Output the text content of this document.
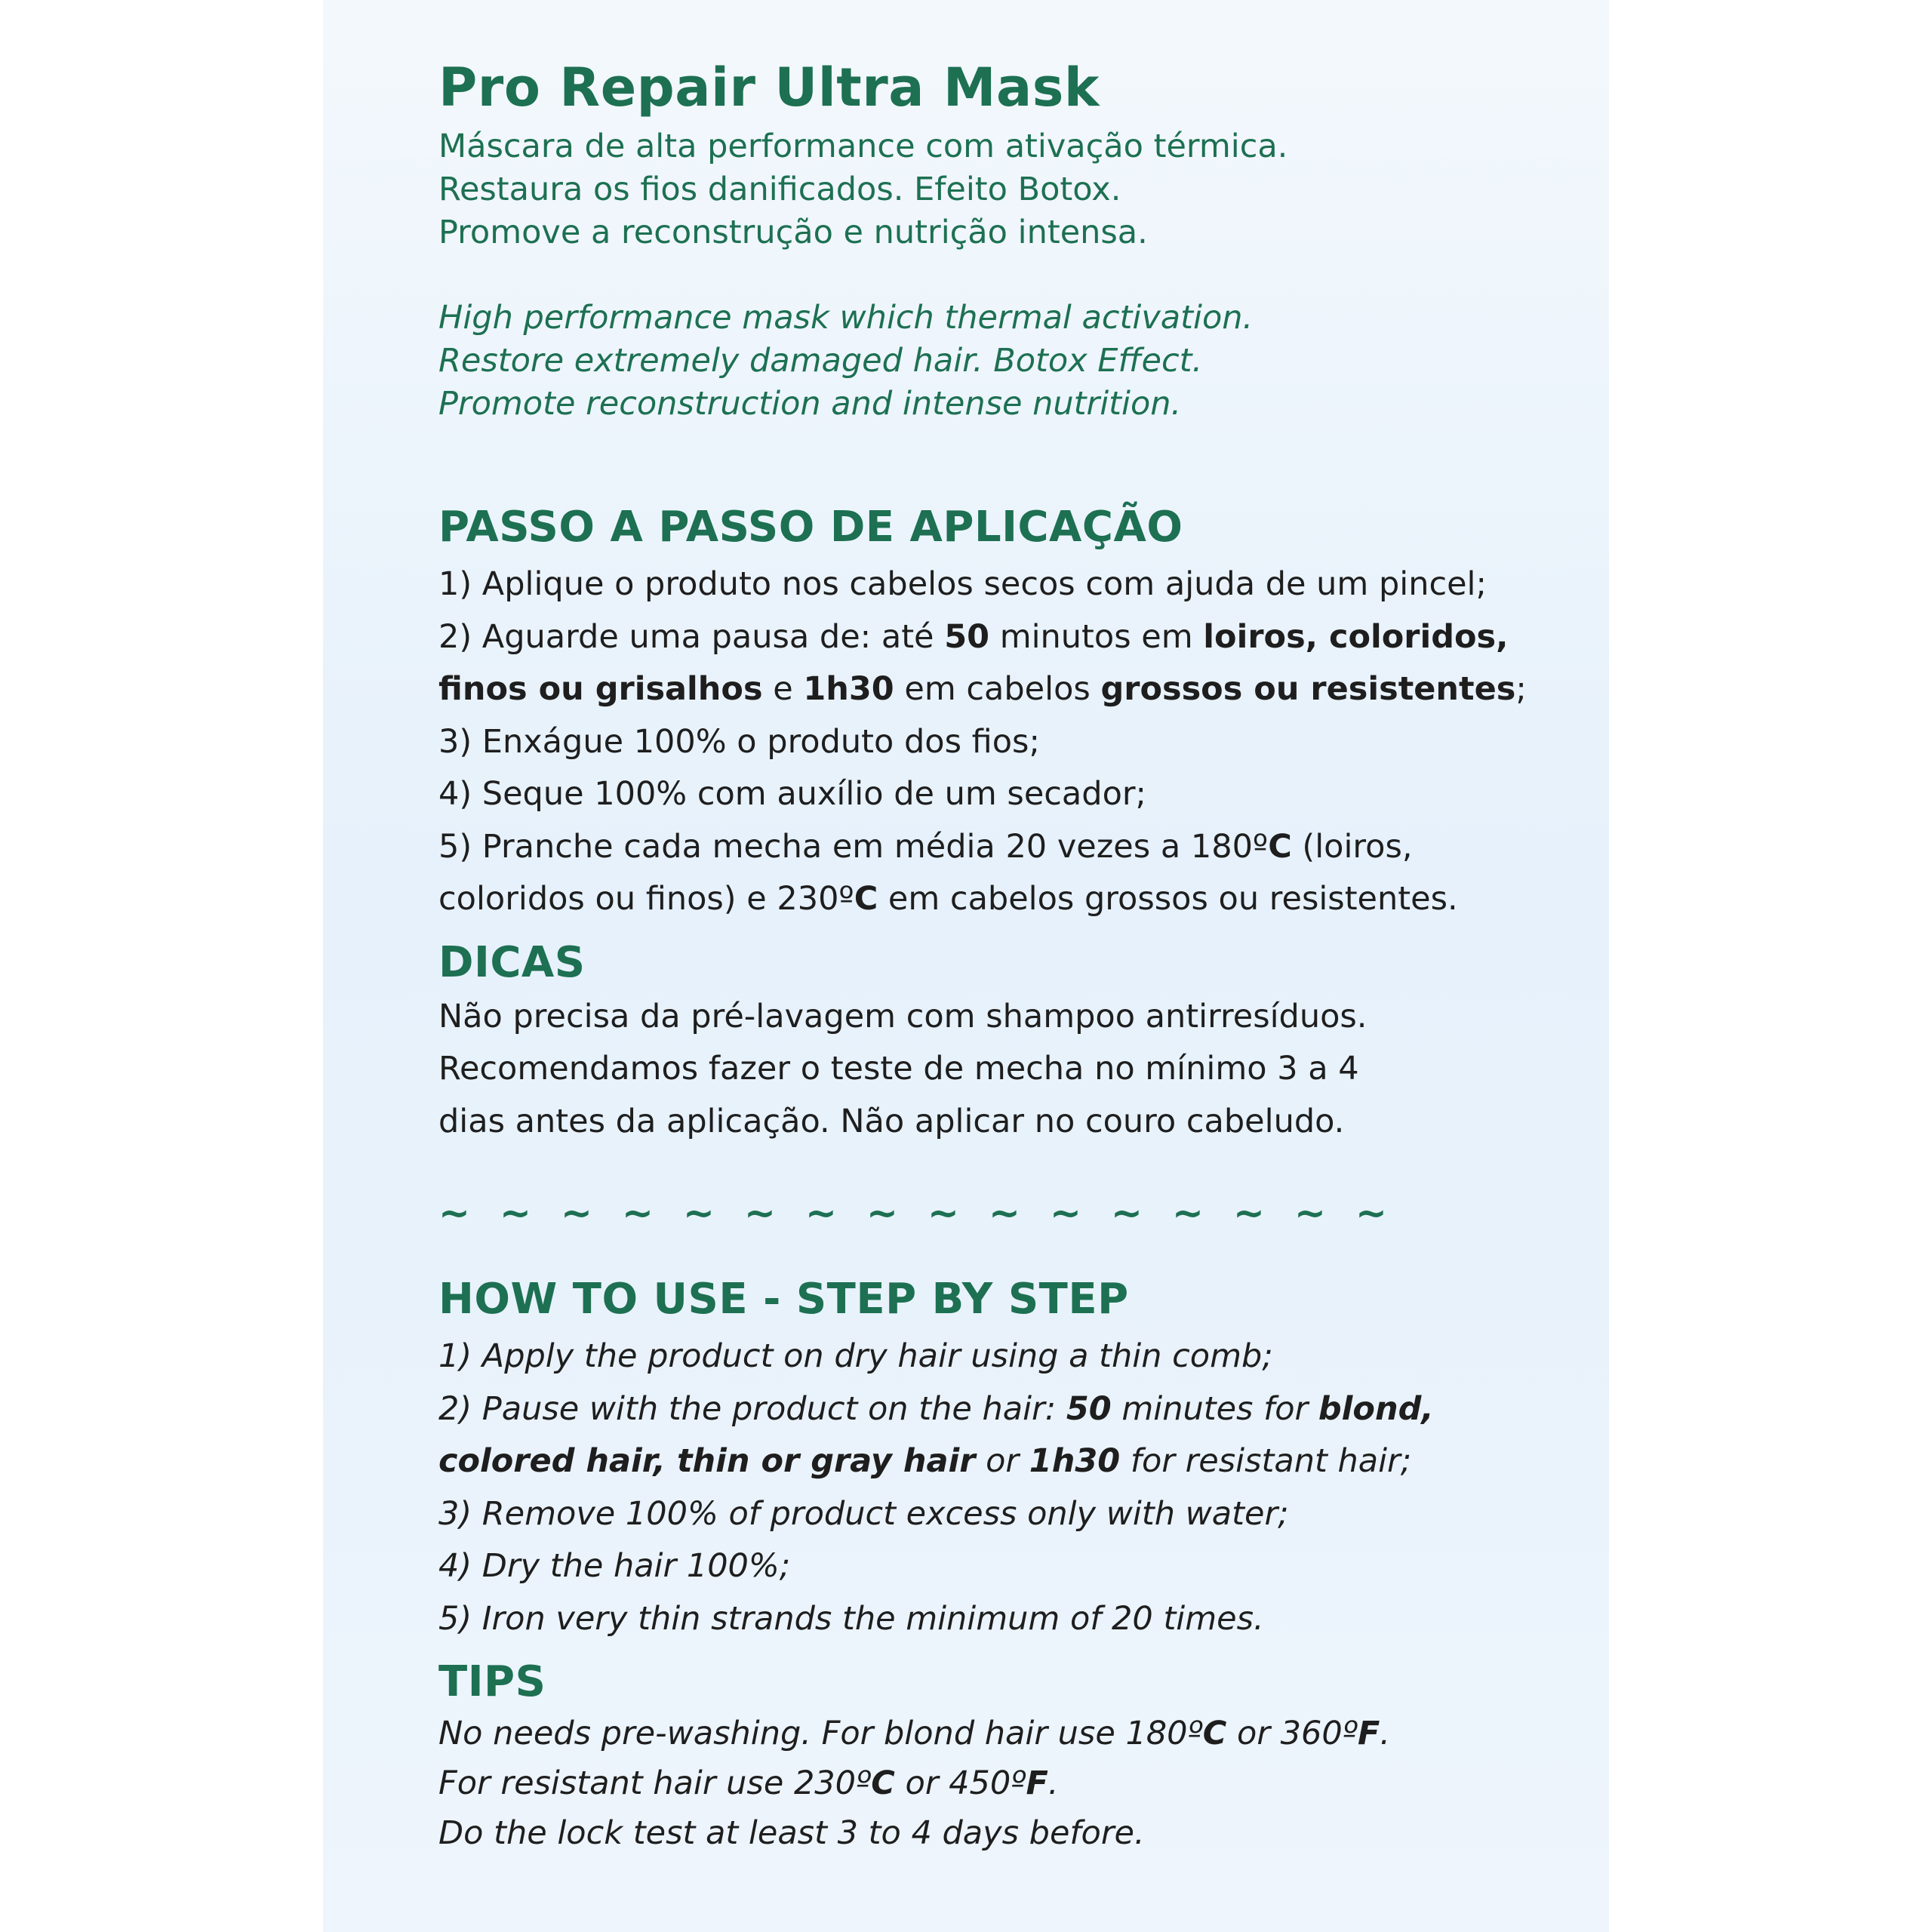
Pro Repair Ultra Mask

Máscara de alta performance com ativação térmica.

Restaura os fios danificados. Efeito Botox.

Promove a reconstrução e nutrição intensa.

High performance mask which thermal activation.

Restore extremely damaged hair. Botox Effect.

Promote reconstruction and intense nutrition.

PASSO A PASSO DE APLICAÇÃO

1) Aplique o produto nos cabelos secos com ajuda de um pincel;

2) Aguarde uma pausa de: até 50 minutos em loiros, coloridos,

finos ou grisalhos e 1h30 em cabelos grossos ou resistentes;

3) Enxágue 100% o produto dos fios;

4) Seque 100% com auxílio de um secador;

5) Pranche cada mecha em média 20 vezes a 180ºC (loiros,

coloridos ou finos) e 230ºC em cabelos grossos ou resistentes.

DICAS

Não precisa da pré-lavagem com shampoo antirresíduos.

Recomendamos fazer o teste de mecha no mínimo 3 a 4

dias antes da aplicação. Não aplicar no couro cabeludo.

~ ~ ~ ~ ~ ~ ~ ~ ~ ~ ~ ~ ~ ~ ~ ~
HOW TO USE - STEP BY STEP

1) Apply the product on dry hair using a thin comb;

2) Pause with the product on the hair: 50 minutes for blond,

colored hair, thin or gray hair or 1h30 for resistant hair;

3) Remove 100% of product excess only with water;

4) Dry the hair 100%;

5) Iron very thin strands the minimum of 20 times.

TIPS

No needs pre-washing. For blond hair use 180ºC or 360ºF.

For resistant hair use 230ºC or 450ºF.

Do the lock test at least 3 to 4 days before.
